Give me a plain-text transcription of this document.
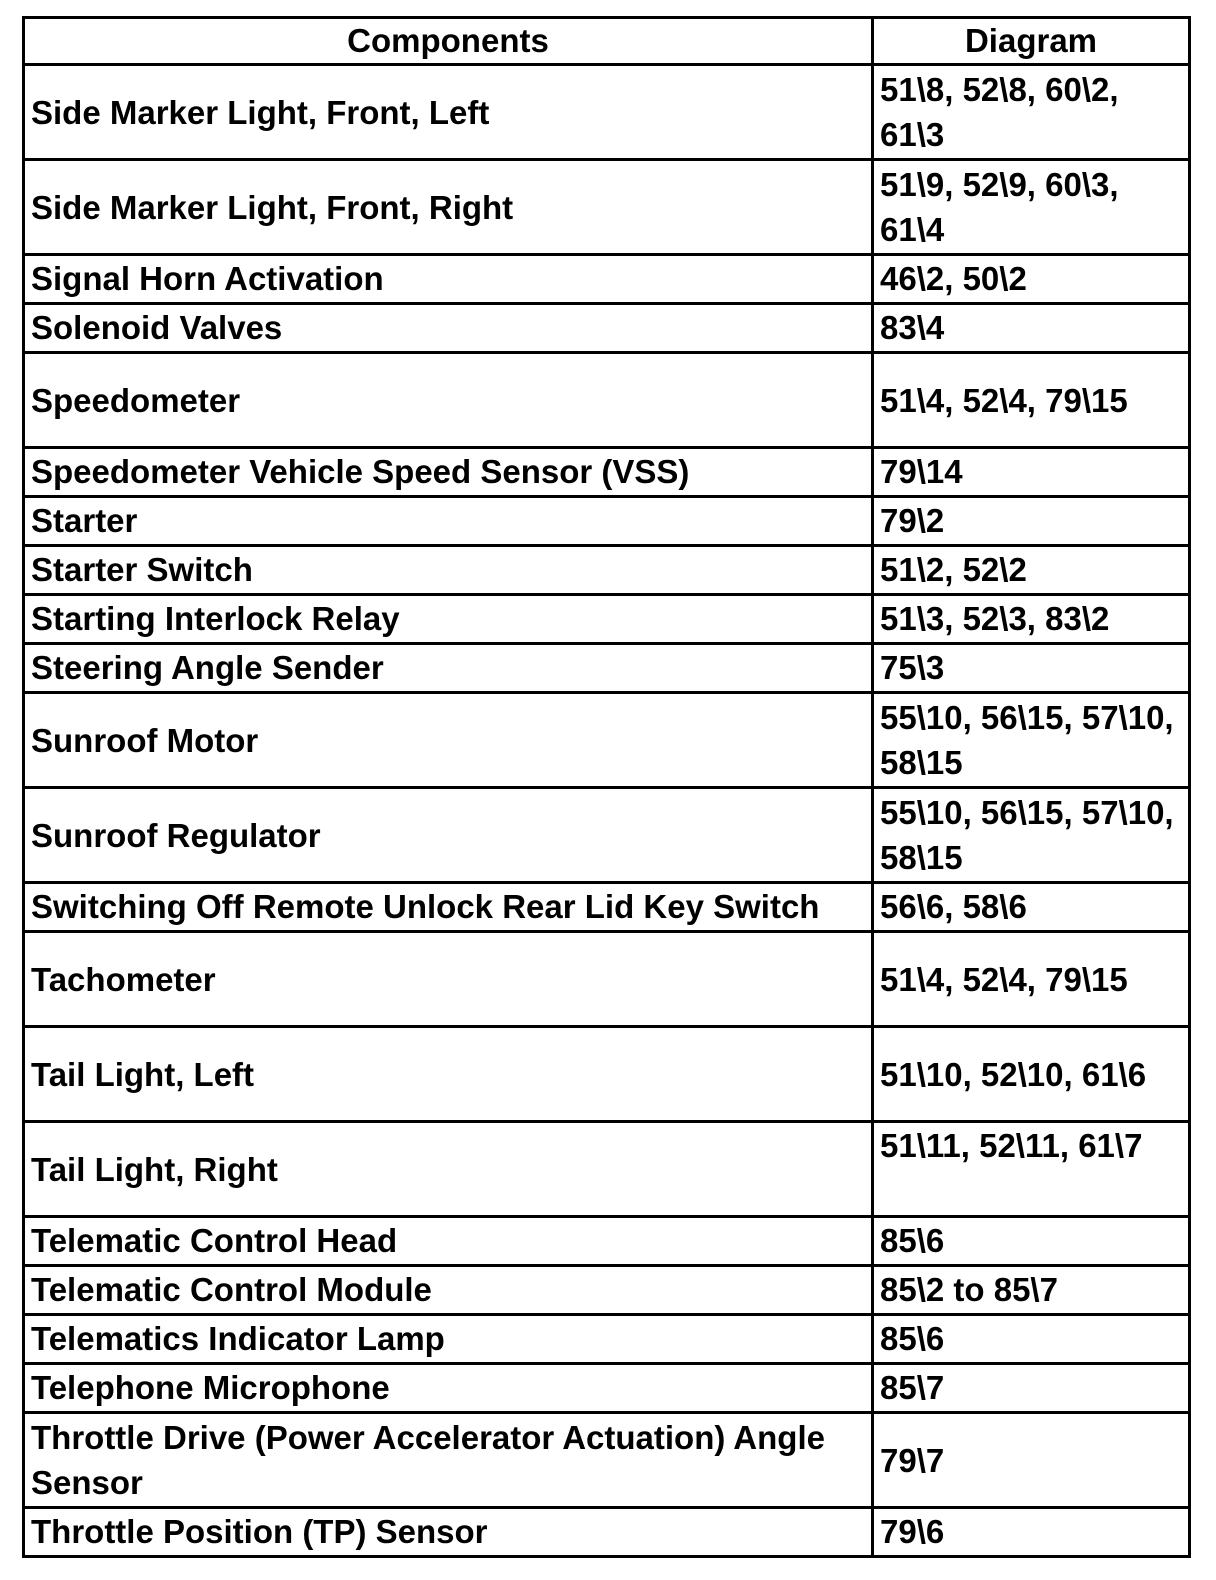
Components	Diagram
Side Marker Light, Front, Left	51\8, 52\8, 60\2, 61\3
Side Marker Light, Front, Right	51\9, 52\9, 60\3, 61\4
Signal Horn Activation	46\2, 50\2
Solenoid Valves	83\4
Speedometer	51\4, 52\4, 79\15
Speedometer Vehicle Speed Sensor (VSS)	79\14
Starter	79\2
Starter Switch	51\2, 52\2
Starting Interlock Relay	51\3, 52\3, 83\2
Steering Angle Sender	75\3
Sunroof Motor	55\10, 56\15, 57\10, 58\15
Sunroof Regulator	55\10, 56\15, 57\10, 58\15
Switching Off Remote Unlock Rear Lid Key Switch	56\6, 58\6
Tachometer	51\4, 52\4, 79\15
Tail Light, Left	51\10, 52\10, 61\6
Tail Light, Right	51\11, 52\11, 61\7
Telematic Control Head	85\6
Telematic Control Module	85\2 to 85\7
Telematics Indicator Lamp	85\6
Telephone Microphone	85\7
Throttle Drive (Power Accelerator Actuation) Angle Sensor	79\7
Throttle Position (TP) Sensor	79\6
